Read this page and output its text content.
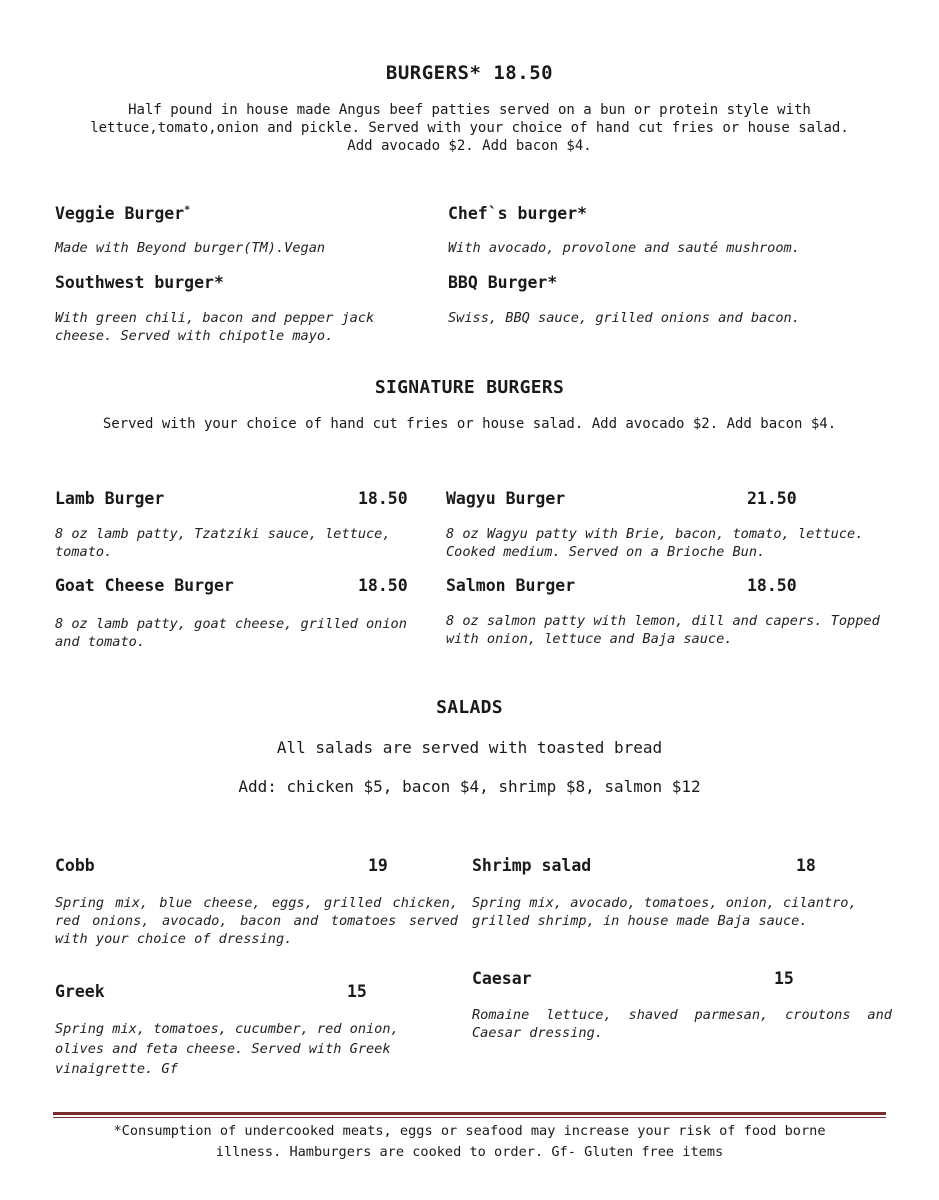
BURGERS* 18.50
Half pound in house made Angus beef patties served on a bun or protein style with
lettuce,tomato,onion and pickle. Served with your choice of hand cut fries or house salad.
Add avocado $2. Add bacon $4.
Veggie Burger*
Made with Beyond burger(TM).Vegan
Chef`s burger*
With avocado, provolone and sauté mushroom.
Southwest burger*
With green chili, bacon and pepper jack cheese. Served with chipotle mayo.
BBQ Burger*
Swiss, BBQ sauce, grilled onions and bacon.
SIGNATURE BURGERS
Served with your choice of hand cut fries or house salad. Add avocado $2. Add bacon $4.
Lamb Burger	18.50
8 oz lamb patty, Tzatziki sauce, lettuce, tomato.
Wagyu Burger	21.50
8 oz Wagyu patty with Brie, bacon, tomato, lettuce. Cooked medium. Served on a Brioche Bun.
Goat Cheese Burger	18.50
8 oz lamb patty, goat cheese, grilled onion and tomato.
Salmon Burger	18.50
8 oz salmon patty with lemon, dill and capers. Topped with onion, lettuce and Baja sauce.
SALADS
All salads are served with toasted bread
Add: chicken $5, bacon $4, shrimp $8, salmon $12
Cobb	19
Spring mix, blue cheese, eggs, grilled chicken, red onions, avocado, bacon and tomatoes served with your choice of dressing.
Shrimp salad	18
Spring mix, avocado, tomatoes, onion, cilantro, grilled shrimp, in house made Baja sauce.
Greek	15
Spring mix, tomatoes, cucumber, red onion, olives and feta cheese. Served with Greek vinaigrette. Gf
Caesar	15
Romaine lettuce, shaved parmesan, croutons and Caesar dressing.
*Consumption of undercooked meats, eggs or seafood may increase your risk of food borne
illness. Hamburgers are cooked to order. Gf- Gluten free items
